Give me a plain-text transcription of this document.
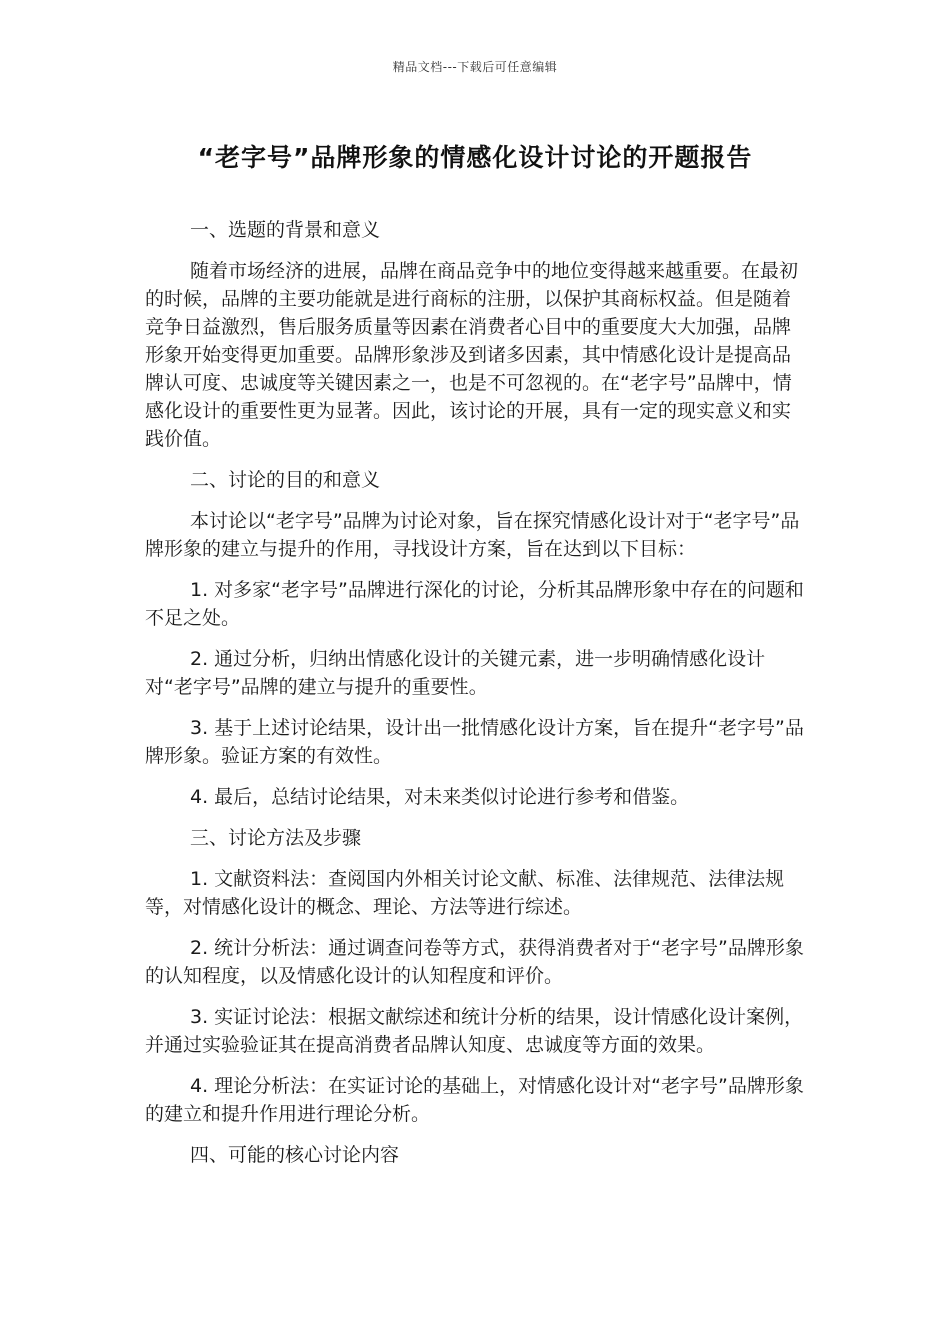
精品文档---下载后可任意编辑
“老字号”品牌形象的情感化设计讨论的开题报告

一、选题的背景和意义

随着市场经济的进展，品牌在商品竞争中的地位变得越来越重要。在最初的时候，品牌的主要功能就是进行商标的注册，以保护其商标权益。但是随着竞争日益激烈，售后服务质量等因素在消费者心目中的重要度大大加强，品牌形象开始变得更加重要。品牌形象涉及到诸多因素，其中情感化设计是提高品牌认可度、忠诚度等关键因素之一，也是不可忽视的。在“老字号”品牌中，情感化设计的重要性更为显著。因此，该讨论的开展，具有一定的现实意义和实践价值。

二、讨论的目的和意义

本讨论以“老字号”品牌为讨论对象，旨在探究情感化设计对于“老字号”品牌形象的建立与提升的作用，寻找设计方案，旨在达到以下目标：

1. 对多家“老字号”品牌进行深化的讨论，分析其品牌形象中存在的问题和不足之处。

2. 通过分析，归纳出情感化设计的关键元素，进一步明确情感化设计对“老字号”品牌的建立与提升的重要性。

3. 基于上述讨论结果，设计出一批情感化设计方案，旨在提升“老字号”品牌形象。验证方案的有效性。

4. 最后，总结讨论结果，对未来类似讨论进行参考和借鉴。

三、讨论方法及步骤

1. 文献资料法：查阅国内外相关讨论文献、标准、法律规范、法律法规等，对情感化设计的概念、理论、方法等进行综述。

2. 统计分析法：通过调查问卷等方式，获得消费者对于“老字号”品牌形象的认知程度，以及情感化设计的认知程度和评价。

3. 实证讨论法：根据文献综述和统计分析的结果，设计情感化设计案例，并通过实验验证其在提高消费者品牌认知度、忠诚度等方面的效果。

4. 理论分析法：在实证讨论的基础上，对情感化设计对“老字号”品牌形象的建立和提升作用进行理论分析。

四、可能的核心讨论内容
